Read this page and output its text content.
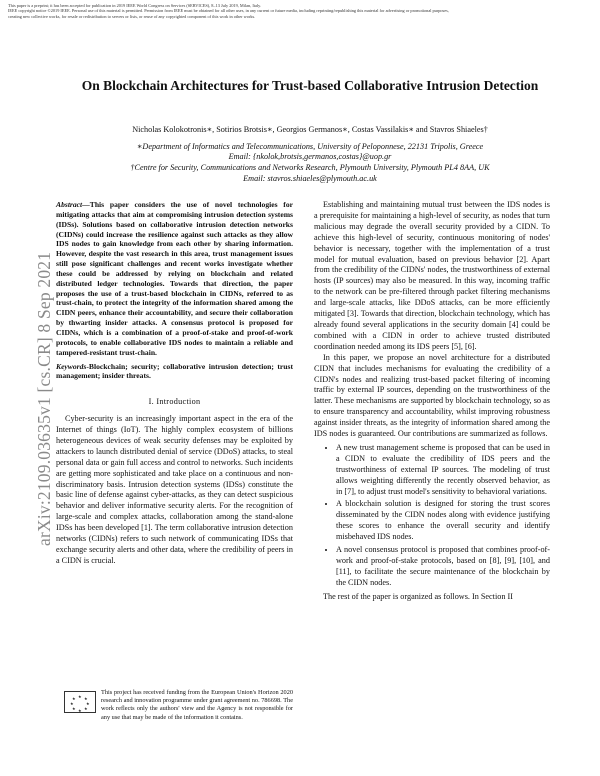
This paper is a preprint; it has been accepted for publication in 2019 IEEE World Congress on Services (SERVICES), 8–13 July 2019, Milan, Italy.
IEEE copyright notice ©2019 IEEE. Personal use of this material is permitted. Permission from IEEE must be obtained for all other uses, in any current or future media, including reprinting/republishing this material for advertising or promotional purposes,
creating new collective works, for resale or redistribution to servers or lists, or reuse of any copyrighted component of this work in other works.
arXiv:2109.03635v1 [cs.CR] 8 Sep 2021
On Blockchain Architectures for Trust-based Collaborative Intrusion Detection
Nicholas Kolokotronis∗, Sotirios Brotsis∗, Georgios Germanos∗, Costas Vassilakis∗ and Stavros Shiaeles†
∗Department of Informatics and Telecommunications, University of Peloponnese, 22131 Tripolis, Greece
Email: {nkolok,brotsis,germanos,costas}@uop.gr
†Centre for Security, Communications and Networks Research, Plymouth University, Plymouth PL4 8AA, UK
Email: stavros.shiaeles@plymouth.ac.uk
Abstract—This paper considers the use of novel technologies for mitigating attacks that aim at compromising intrusion detection systems (IDSs). Solutions based on collaborative intrusion detection networks (CIDNs) could increase the resilience against such attacks as they allow IDS nodes to gain knowledge from each other by sharing information. However, despite the vast research in this area, trust management issues still pose significant challenges and recent works investigate whether these could be addressed by relying on blockchain and related distributed ledger technologies. Towards that direction, the paper proposes the use of a trust-based blockchain in CIDNs, referred to as trust-chain, to protect the integrity of the information shared among the CIDN peers, enhance their accountability, and secure their collaboration by thwarting insider attacks. A consensus protocol is proposed for CIDNs, which is a combination of a proof-of-stake and proof-of-work protocols, to enable collaborative IDS nodes to maintain a reliable and tampered-resistant trust-chain.
Keywords-Blockchain; security; collaborative intrusion detection; trust management; insider threats.
I. Introduction

Cyber-security is an increasingly important aspect in the era of the Internet of things (IoT). The highly complex ecosystem of billions heterogeneous devices of weak security defenses may be exploited by attackers to launch distributed denial of service (DDoS) attacks, to steal personal data or gain full access and control to networks. Such incidents are getting more sophisticated and take place on a continuous and non-discriminatory basis. Intrusion detection systems (IDSs) constitute the basic line of defense against cyber-attacks, as they can detect suspicious behavior and deliver informative security alerts. For the recognition of large-scale and complex attacks, collaboration among the stand-alone IDSs has been developed [1]. The term collaborative intrusion detection networks (CIDNs) refers to such network of communicating IDSs that exchange security alerts and other data, where the credibility of peers in a CIDN is crucial.

★ ★
★
★
★
★
★
★
This project has received funding from the European Union's Horizon 2020 research and innovation programme under grant agreement no. 786698. The work reflects only the authors' view and the Agency is not responsible for any use that may be made of the information it contains.

Establishing and maintaining mutual trust between the IDS nodes is a prerequisite for maintaining a high-level of security, as nodes that turn malicious may degrade the overall security provided by a CIDN. To achieve this high-level of security, continuous monitoring of nodes' behavior is necessary, together with the implementation of a trust model for mutual evaluation, based on previous behavior [2]. Apart from the credibility of the CIDNs' nodes, the trustworthiness of external hosts (IP sources) may also be measured. In this way, incoming traffic to the network can be pre-filtered through packet filtering mechanisms and large-scale attacks, like DDoS attacks, can be more efficiently mitigated [3]. Towards that direction, blockchain technology, which has already found several applications in the security domain [4] could be combined with a CIDN in order to achieve trusted distributed coordination needed among its IDS peers [5], [6].

In this paper, we propose an novel architecture for a distributed CIDN that includes mechanisms for evaluating the credibility of a CIDN's nodes and realizing trust-based packet filtering of incoming traffic by external IP sources, depending on the trustworthiness of the latter. These mechanisms are supported by blockchain technology, so as to ensure transparency and accountability, whilst improving robustness against insider threats, as the integrity of information shared among the IDS nodes is guaranteed. Our contributions are summarized as follows.

• A new trust management scheme is proposed that can be used in a CIDN to evaluate the credibility of IDS peers and the trustworthiness of external IP sources. The modeling of trust allows weighting differently the recently observed behavior, as in [7], to adjust trust model's sensitivity to behavioral variations.
• A blockchain solution is designed for storing the trust scores disseminated by the CIDN nodes along with evidence justifying these scores to enhance the overall security and identify misbehaved IDS nodes.
• A novel consensus protocol is proposed that combines proof-of-work and proof-of-stake protocols, based on [8], [9], [10], and [11], to facilitate the secure maintenance of the blockchain by the CIDN nodes.

The rest of the paper is organized as follows. In Section II
